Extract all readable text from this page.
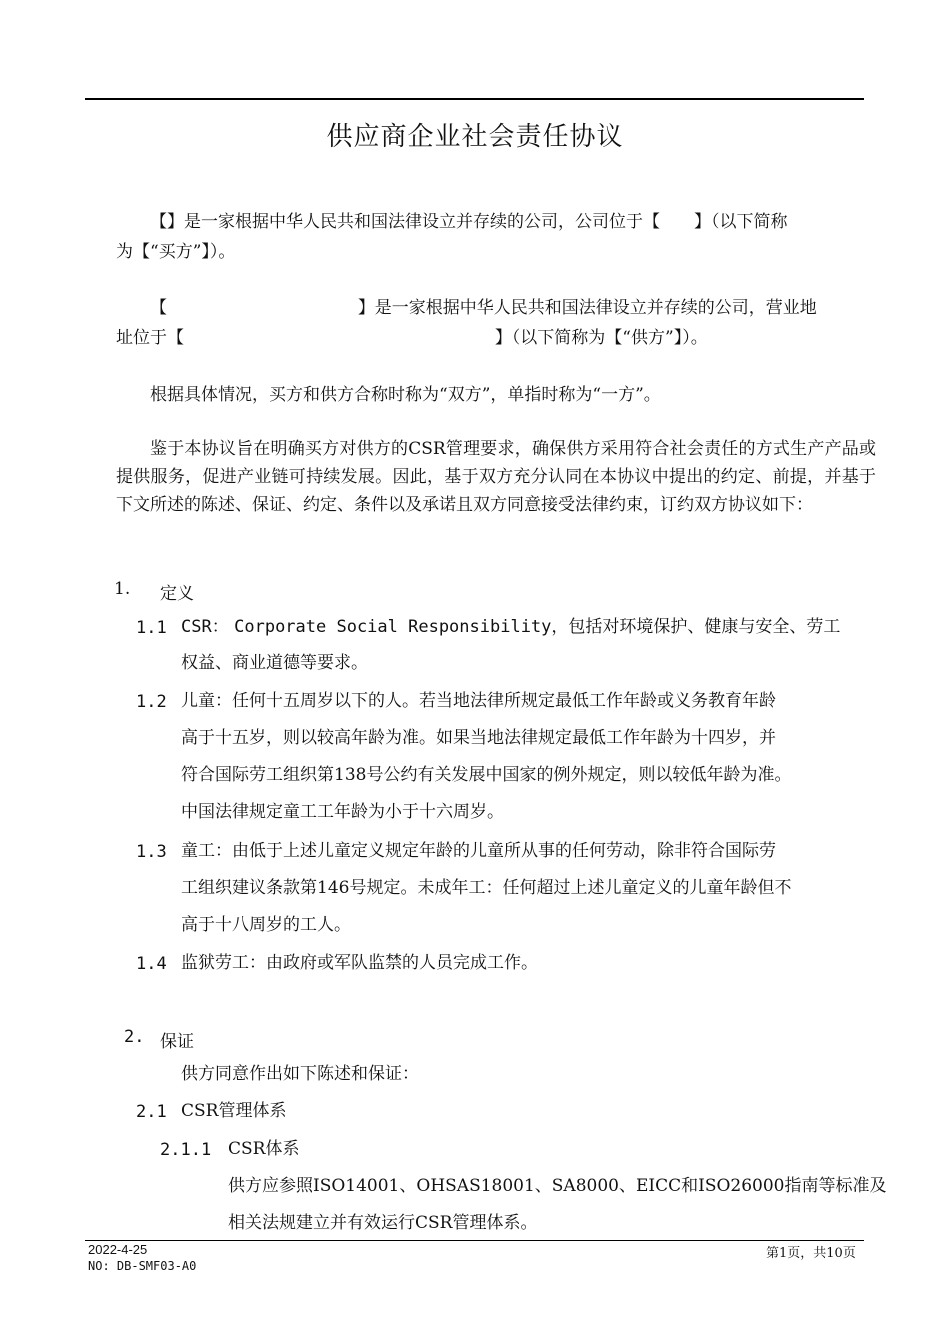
供应商企业社会责任协议
【】是一家根据中华人民共和国法律设立并存续的公司，公司位于【　　】（以下简称
为【“买方”】）。
【	】是一家根据中华人民共和国法律设立并存续的公司，营业地
址位于【	】（以下简称为【“供方”】）。
根据具体情况，买方和供方合称时称为“双方”，单指时称为“一方”。
鉴于本协议旨在明确买方对供方的CSR管理要求，确保供方采用符合社会责任的方式生产产品或提供服务，促进产业链可持续发展。因此，基于双方充分认同在本协议中提出的约定、前提，并基于下文所述的陈述、保证、约定、条件以及承诺且双方同意接受法律约束，订约双方协议如下：
1. 定义
1.1 CSR： Corporate Social Responsibility，包括对环境保护、健康与安全、劳工
权益、商业道德等要求。
1.2 儿童：任何十五周岁以下的人。若当地法律所规定最低工作年龄或义务教育年龄
高于十五岁，则以较高年龄为准。如果当地法律规定最低工作年龄为十四岁，并
符合国际劳工组织第138号公约有关发展中国家的例外规定，则以较低年龄为准。
中国法律规定童工工年龄为小于十六周岁。
1.3 童工：由低于上述儿童定义规定年龄的儿童所从事的任何劳动，除非符合国际劳
工组织建议条款第146号规定。未成年工：任何超过上述儿童定义的儿童年龄但不
高于十八周岁的工人。
1.4 监狱劳工：由政府或军队监禁的人员完成工作。
2. 保证
供方同意作出如下陈述和保证：
2.1 CSR管理体系
2.1.1 CSR体系
供方应参照ISO14001、OHSAS18001、SA8000、EICC和ISO26000指南等标准及
相关法规建立并有效运行CSR管理体系。
2022-4-25	第1页，共10页
NO: DB-SMF03-A0
